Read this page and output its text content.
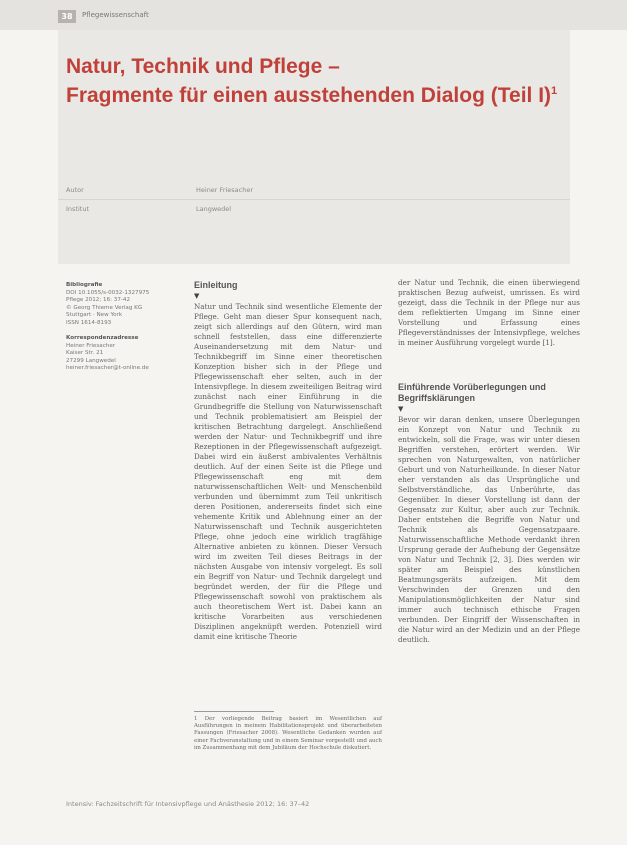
38	Pflegewissenschaft
Natur, Technik und Pflege –
Fragmente für einen ausstehenden Dialog (Teil I)$^1$
Autor	Heiner Friesacher
Institut	Langwedel
Bibliografie
DOI 10.1055/s-0032-1327975
Pflege 2012; 16: 37-42
© Georg Thieme Verlag KG
Stuttgart · New York
ISSN 1614-8193
Korrespondenzadresse
Heiner Friesacher
Kaiser Str. 21
27299 Langwedel
heiner.friesacher@t-online.de
Einleitung
▼

Natur und Technik sind wesentliche Elemente der Pflege. Geht man dieser Spur konsequent nach, zeigt sich allerdings auf den Gütern, wird man schnell feststellen, dass eine differenzierte Auseinandersetzung mit dem Natur- und Technikbegriff im Sinne einer theoretischen Konzeption bisher sich in der Pflege und Pflegewissenschaft eher selten, auch in der Intensivpflege. In diesem zweiteiligen Beitrag wird zunächst nach einer Einführung in die Grundbegriffe die Stellung von Naturwissenschaft und Technik problematisiert am Beispiel der kritischen Betrachtung dargelegt. Anschließend werden der Natur- und Technikbegriff und ihre Rezeptionen in der Pflegewissenschaft aufgezeigt. Dabei wird ein äußerst ambivalentes Verhältnis deutlich. Auf der einen Seite ist die Pflege und Pflegewissenschaft eng mit dem naturwissenschaftlichen Welt- und Menschenbild verbunden und übernimmt zum Teil unkritisch deren Positionen, andererseits findet sich eine vehemente Kritik und Ablehnung einer an der Naturwissenschaft und Technik ausgerichteten Pflege, ohne jedoch eine wirklich tragfähige Alternative anbieten zu können. Dieser Versuch wird im zweiten Teil dieses Beitrags in der nächsten Ausgabe von intensiv vorgelegt. Es soll ein Begriff von Natur- und Technik dargelegt und begründet werden, der für die Pflege und Pflegewissenschaft sowohl von praktischem als auch theoretischem Wert ist. Dabei kann an kritische Vorarbeiten aus verschiedenen Disziplinen angeknüpft werden. Potenziell wird damit eine kritische Theorie

1 Der vorliegende Beitrag basiert im Wesentlichen auf Ausführungen in meinem Habilitationsprojekt und überarbeiteten Fassungen (Friesacher 2008). Wesentliche Gedanken wurden auf einer Fachveranstaltung und in einem Seminar vorgestellt und auch im Zusammenhang mit dem Jubiläum der Hochschule diskutiert.

der Natur und Technik, die einen überwiegend praktischen Bezug aufweist, umrissen. Es wird gezeigt, dass die Technik in der Pflege nur aus dem reflektierten Umgang im Sinne einer Vorstellung und Erfassung eines Pflegeverständnisses der Intensivpflege, welches in meiner Ausführung vorgelegt wurde [1].

Einführende Vorüberlegungen und
Begriffsklärungen
▼

Bevor wir daran denken, unsere Überlegungen ein Konzept von Natur und Technik zu entwickeln, soll die Frage, was wir unter diesen Begriffen verstehen, erörtert werden. Wir sprechen von Naturgewalten, von natürlicher Geburt und von Naturheilkunde. In dieser Natur eher verstanden als das Ursprüngliche und Selbstverständliche, das Unberührte, das Gegenüber. In dieser Vorstellung ist dann der Gegensatz zur Kultur, aber auch zur Technik. Daher entstehen die Begriffe von Natur und Technik als Gegensatzpaare. Naturwissenschaftliche Methode verdankt ihren Ursprung gerade der Aufhebung der Gegensätze von Natur und Technik [2, 3]. Dies werden wir später am Beispiel des künstlichen Beatmungsgeräts aufzeigen. Mit dem Verschwinden der Grenzen und den Manipulationsmöglichkeiten der Natur sind immer auch technisch ethische Fragen verbunden. Der Eingriff der Wissenschaften in die Natur wird an der Medizin und an der Pflege deutlich.

Intensiv: Fachzeitschrift für Intensivpflege und Anästhesie 2012; 16: 37–42
